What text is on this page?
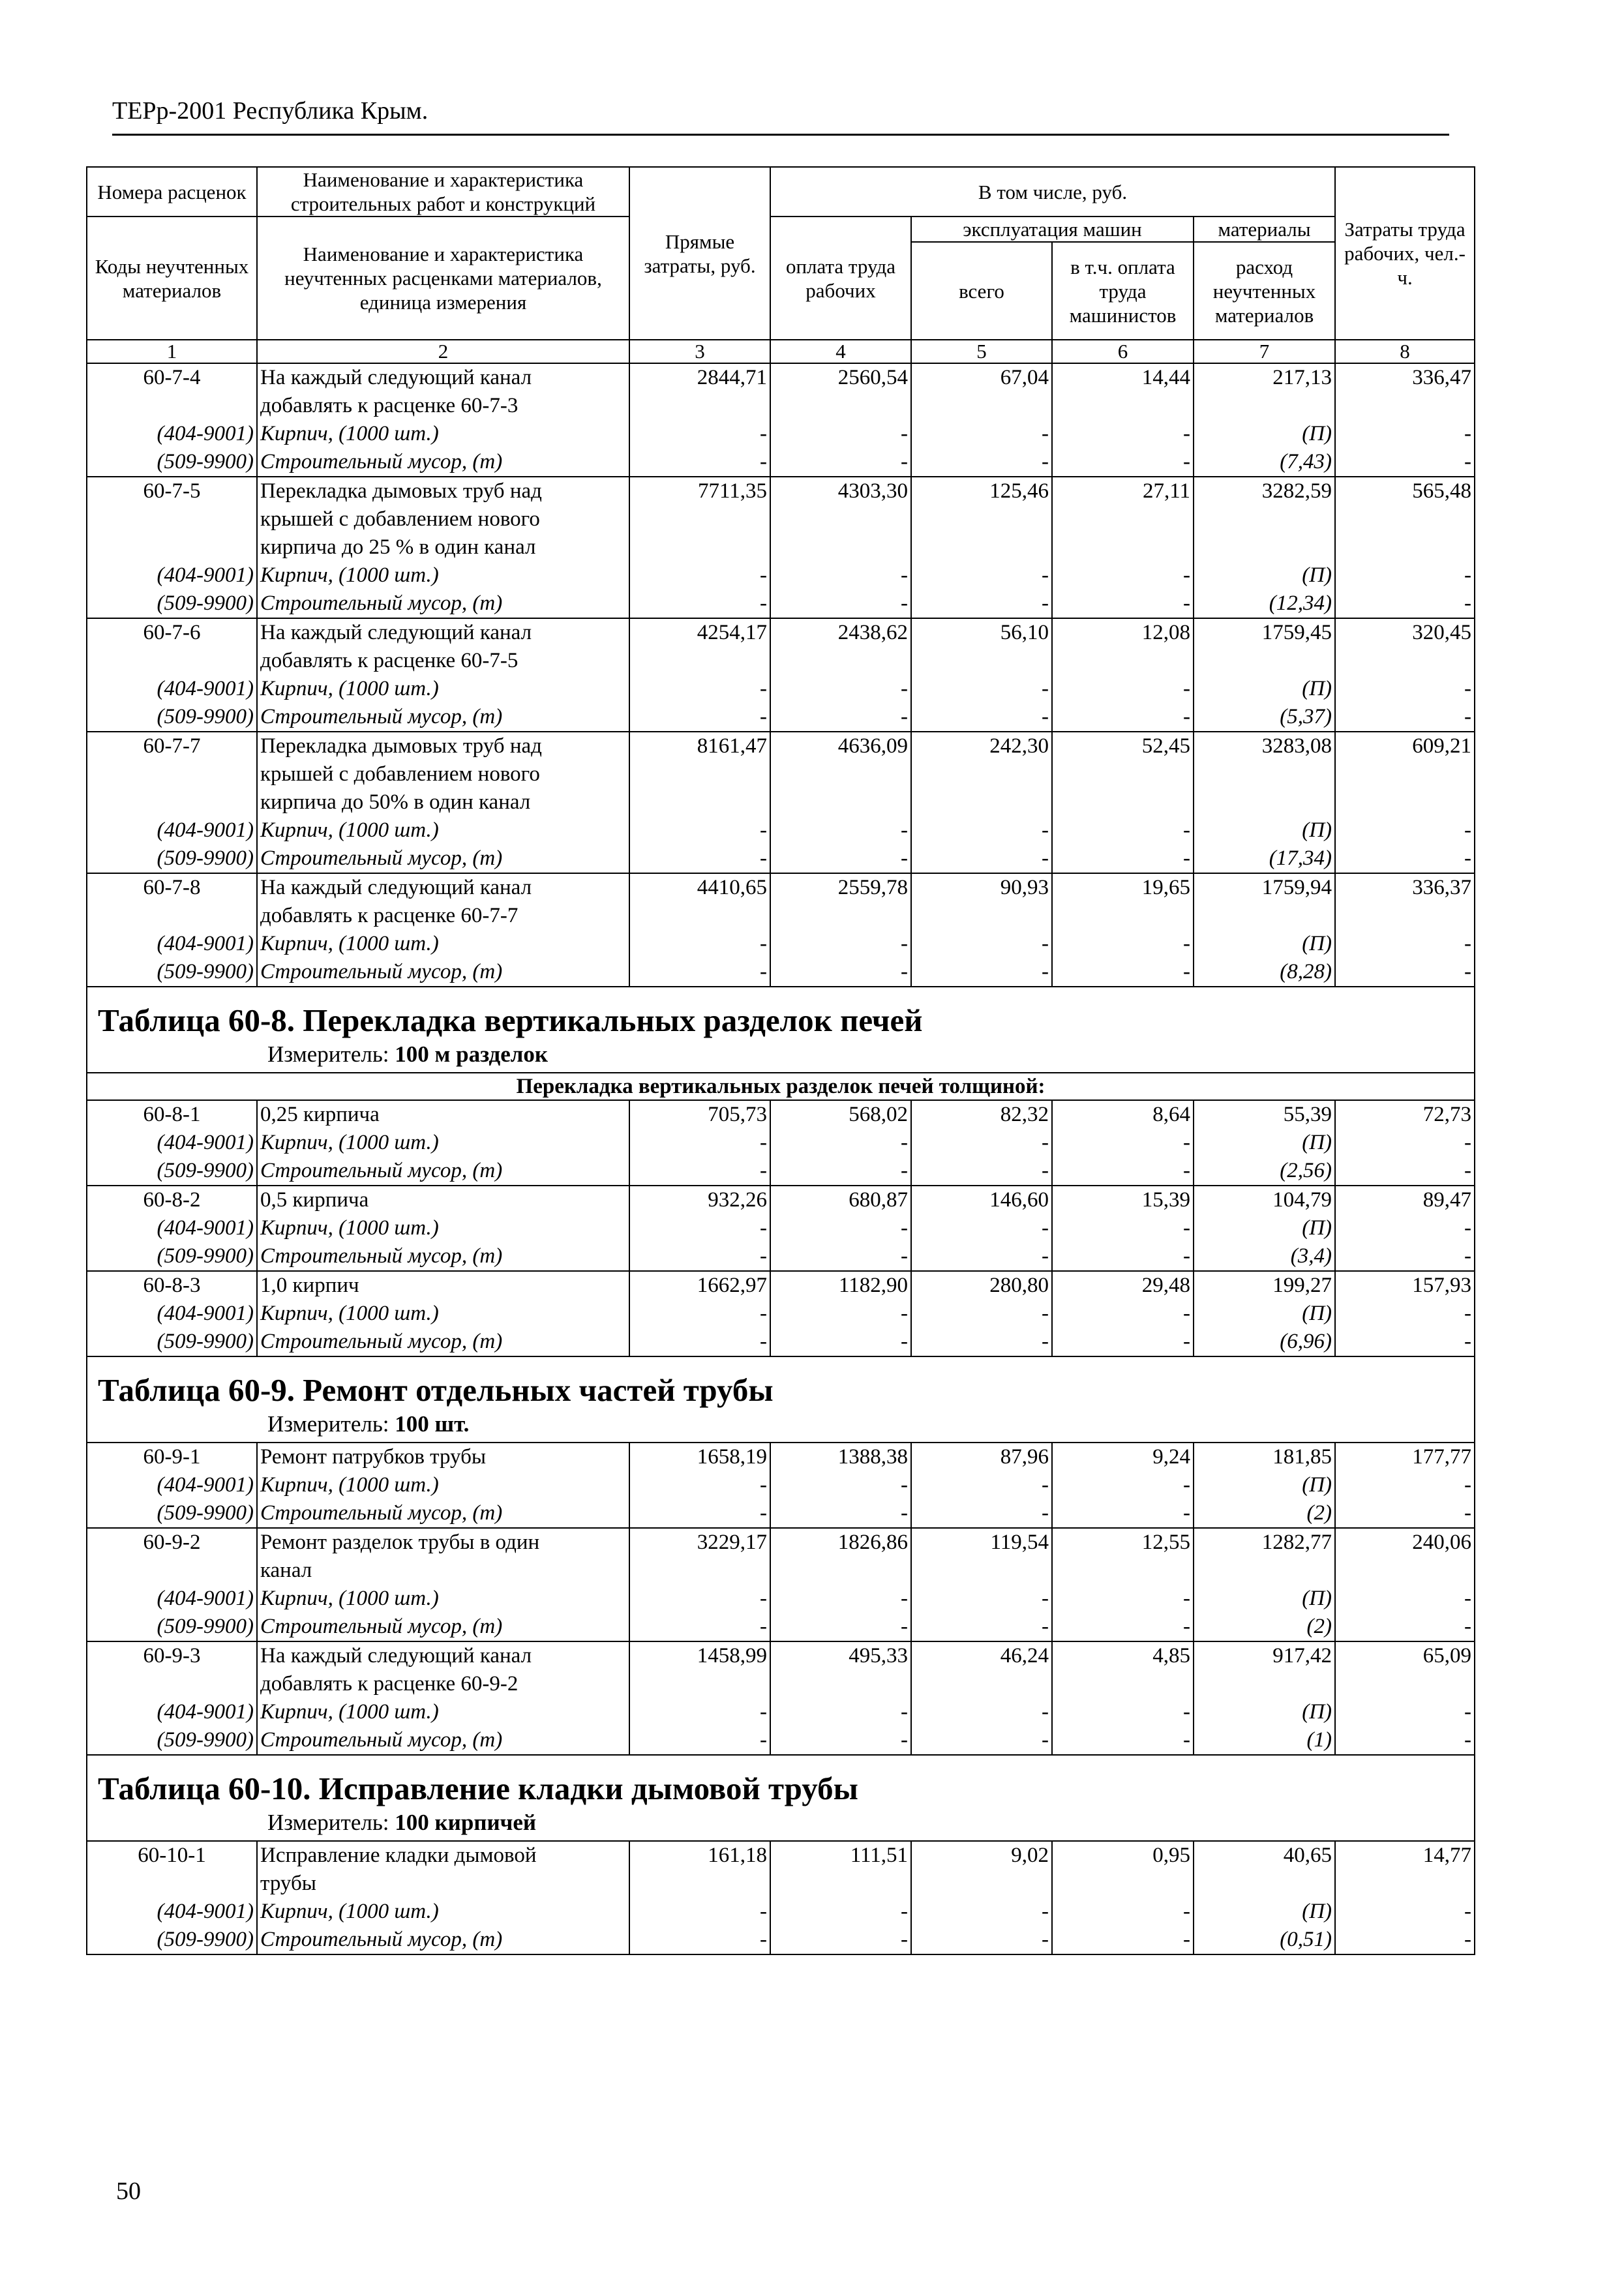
ТЕРр-2001 Республика Крым.
Номера расценок	Наименование и характеристика строительных работ и конструкций	Прямые затраты, руб.	В том числе, руб.				Затраты труда рабочих, чел.-ч.
Коды неучтенных материалов	Наименование и характеристика неучтенных расценками материалов, единица измерения		оплата труда рабочих	эксплуатация машин		материалы	
				всего	в т.ч. оплата труда машинистов	расход неучтенных материалов	
1	2	3	4	5	6	7	8
60-7-4	На каждый следующий канал	2844,71	2560,54	67,04	14,44	217,13	336,47
	добавлять к расценке 60-7-3						
(404-9001)	Кирпич, (1000 шт.)	-	-	-	-	(П)	-
(509-9900)	Строительный мусор, (т)	-	-	-	-	(7,43)	-
60-7-5	Перекладка дымовых труб над	7711,35	4303,30	125,46	27,11	3282,59	565,48
	крышей с добавлением нового						
	кирпича до 25 % в один канал						
(404-9001)	Кирпич, (1000 шт.)	-	-	-	-	(П)	-
(509-9900)	Строительный мусор, (т)	-	-	-	-	(12,34)	-
60-7-6	На каждый следующий канал	4254,17	2438,62	56,10	12,08	1759,45	320,45
	добавлять к расценке 60-7-5						
(404-9001)	Кирпич, (1000 шт.)	-	-	-	-	(П)	-
(509-9900)	Строительный мусор, (т)	-	-	-	-	(5,37)	-
60-7-7	Перекладка дымовых труб над	8161,47	4636,09	242,30	52,45	3283,08	609,21
	крышей с добавлением нового						
	кирпича до 50% в один канал						
(404-9001)	Кирпич, (1000 шт.)	-	-	-	-	(П)	-
(509-9900)	Строительный мусор, (т)	-	-	-	-	(17,34)	-
60-7-8	На каждый следующий канал	4410,65	2559,78	90,93	19,65	1759,94	336,37
	добавлять к расценке 60-7-7						
(404-9001)	Кирпич, (1000 шт.)	-	-	-	-	(П)	-
(509-9900)	Строительный мусор, (т)	-	-	-	-	(8,28)	-

Таблица 60-8. Перекладка вертикальных разделок печей
Измеритель: 100 м разделок							

Перекладка вертикальных разделок печей толщиной:							
60-8-1	0,25 кирпича	705,73	568,02	82,32	8,64	55,39	72,73
(404-9001)	Кирпич, (1000 шт.)	-	-	-	-	(П)	-
(509-9900)	Строительный мусор, (т)	-	-	-	-	(2,56)	-
60-8-2	0,5 кирпича	932,26	680,87	146,60	15,39	104,79	89,47
(404-9001)	Кирпич, (1000 шт.)	-	-	-	-	(П)	-
(509-9900)	Строительный мусор, (т)	-	-	-	-	(3,4)	-
60-8-3	1,0 кирпич	1662,97	1182,90	280,80	29,48	199,27	157,93
(404-9001)	Кирпич, (1000 шт.)	-	-	-	-	(П)	-
(509-9900)	Строительный мусор, (т)	-	-	-	-	(6,96)	-

Таблица 60-9. Ремонт отдельных частей трубы
Измеритель: 100 шт.							

60-9-1	Ремонт патрубков трубы	1658,19	1388,38	87,96	9,24	181,85	177,77
(404-9001)	Кирпич, (1000 шт.)	-	-	-	-	(П)	-
(509-9900)	Строительный мусор, (т)	-	-	-	-	(2)	-
60-9-2	Ремонт разделок трубы в один	3229,17	1826,86	119,54	12,55	1282,77	240,06
	канал						
(404-9001)	Кирпич, (1000 шт.)	-	-	-	-	(П)	-
(509-9900)	Строительный мусор, (т)	-	-	-	-	(2)	-
60-9-3	На каждый следующий канал	1458,99	495,33	46,24	4,85	917,42	65,09
	добавлять к расценке 60-9-2						
(404-9001)	Кирпич, (1000 шт.)	-	-	-	-	(П)	-
(509-9900)	Строительный мусор, (т)	-	-	-	-	(1)	-

Таблица 60-10. Исправление кладки дымовой трубы
Измеритель: 100 кирпичей							

60-10-1	Исправление кладки дымовой	161,18	111,51	9,02	0,95	40,65	14,77
	трубы						
(404-9001)	Кирпич, (1000 шт.)	-	-	-	-	(П)	-
(509-9900)	Строительный мусор, (т)	-	-	-	-	(0,51)	-
50
